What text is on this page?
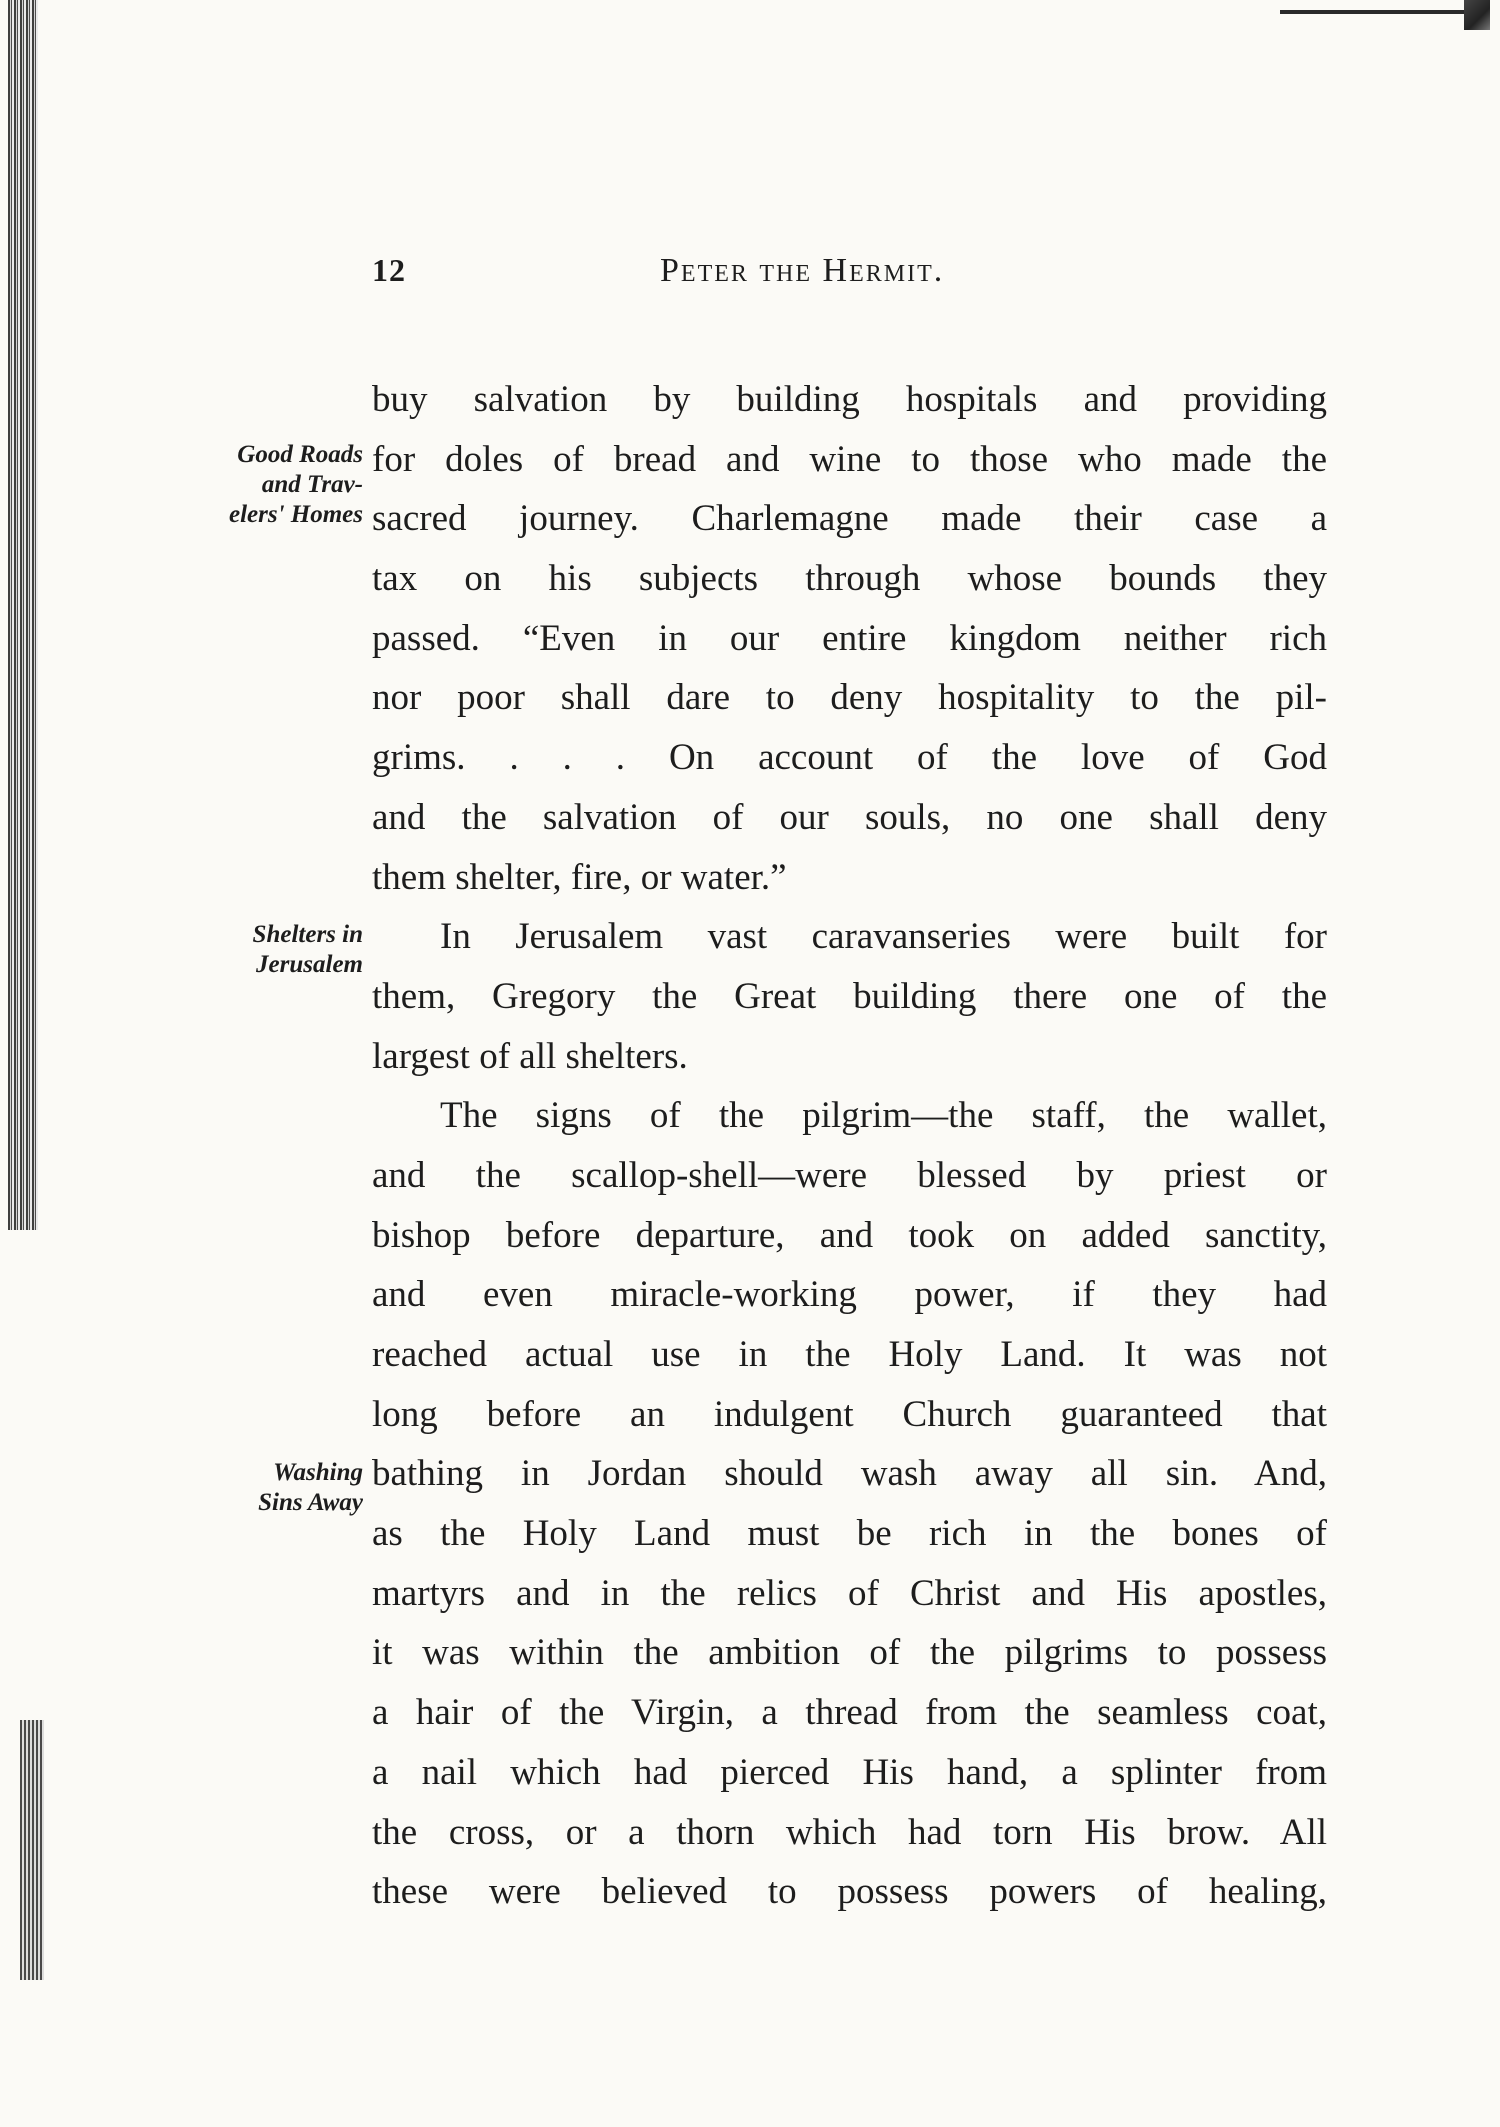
12	Peter the Hermit.
Good Roads
and Trav-
elers' Homes
Shelters in
Jerusalem
Washing
Sins Away
buy salvation by building hospitals and providing
for doles of bread and wine to those who made the
sacred journey. Charlemagne made their case a
tax on his subjects through whose bounds they
passed. “Even in our entire kingdom neither rich
nor poor shall dare to deny hospitality to the pil-
grims. . . . On account of the love of God
and the salvation of our souls, no one shall deny
them shelter, fire, or water.”
In Jerusalem vast caravanseries were built for
them, Gregory the Great building there one of the
largest of all shelters.
The signs of the pilgrim—the staff, the wallet,
and the scallop-shell—were blessed by priest or
bishop before departure, and took on added sanctity,
and even miracle-working power, if they had
reached actual use in the Holy Land. It was not
long before an indulgent Church guaranteed that
bathing in Jordan should wash away all sin. And,
as the Holy Land must be rich in the bones of
martyrs and in the relics of Christ and His apostles,
it was within the ambition of the pilgrims to possess
a hair of the Virgin, a thread from the seamless coat,
a nail which had pierced His hand, a splinter from
the cross, or a thorn which had torn His brow. All
these were believed to possess powers of healing,
